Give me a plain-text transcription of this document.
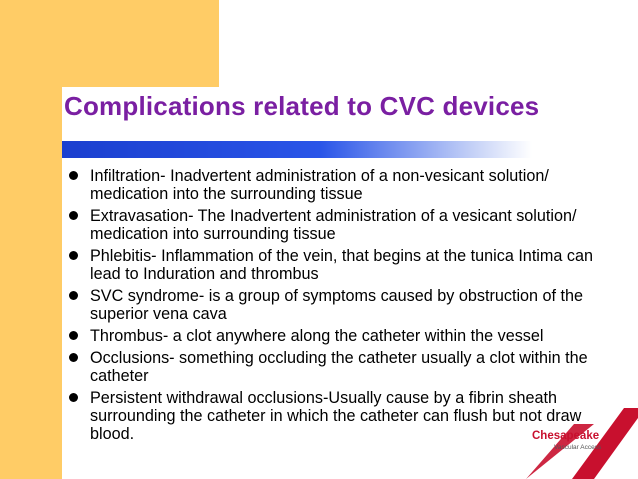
Complications related to CVC devices
Infiltration- Inadvertent administration of a non-vesicant solution/ medication into the surrounding tissue
Extravasation- The Inadvertent administration of a vesicant solution/ medication into surrounding tissue
Phlebitis- Inflammation of the vein, that begins at the tunica Intima can lead to Induration and thrombus
SVC syndrome- is a group of symptoms caused by obstruction of the superior vena cava
Thrombus- a clot anywhere along the catheter within the vessel
Occlusions- something occluding the catheter usually a clot within the catheter
Persistent withdrawal occlusions-Usually cause by a fibrin sheath surrounding the catheter in which the catheter can flush but not draw blood.	Chesapeake
Vascular Access
